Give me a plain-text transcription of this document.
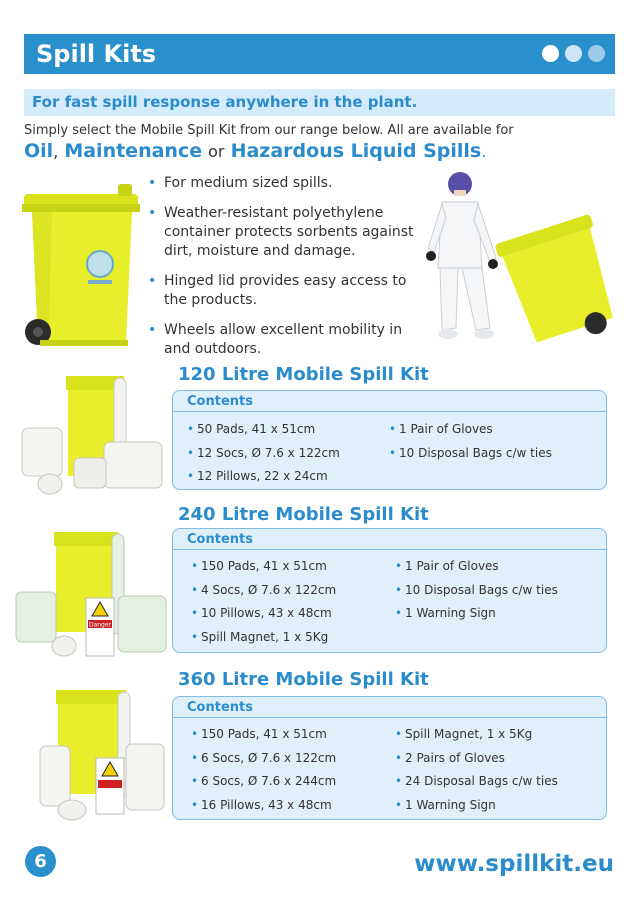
Spill Kits
For fast spill response anywhere in the plant.
Simply select the Mobile Spill Kit from our range below. All are available for
Oil, Maintenance or Hazardous Liquid Spills.
• For medium sized spills.
• Weather-resistant polyethylene container protects sorbents against dirt, moisture and damage.
• Hinged lid provides easy access to the products.
• Wheels allow excellent mobility in and outdoors.
120 Litre Mobile Spill Kit
Contents
• 50 Pads, 41 x 51cm
• 12 Socs, Ø 7.6 x 122cm
• 12 Pillows, 22 x 24cm
• 1 Pair of Gloves
• 10 Disposal Bags c/w ties
Danger
240 Litre Mobile Spill Kit
Contents
• 150 Pads, 41 x 51cm
• 4 Socs, Ø 7.6 x 122cm
• 10 Pillows, 43 x 48cm
• Spill Magnet, 1 x 5Kg
• 1 Pair of Gloves
• 10 Disposal Bags c/w ties
• 1 Warning Sign
360 Litre Mobile Spill Kit
Contents
• 150 Pads, 41 x 51cm
• 6 Socs, Ø 7.6 x 122cm
• 6 Socs, Ø 7.6 x 244cm
• 16 Pillows, 43 x 48cm
• Spill Magnet, 1 x 5Kg
• 2 Pairs of Gloves
• 24 Disposal Bags c/w ties
• 1 Warning Sign
6	www.spillkit.eu
